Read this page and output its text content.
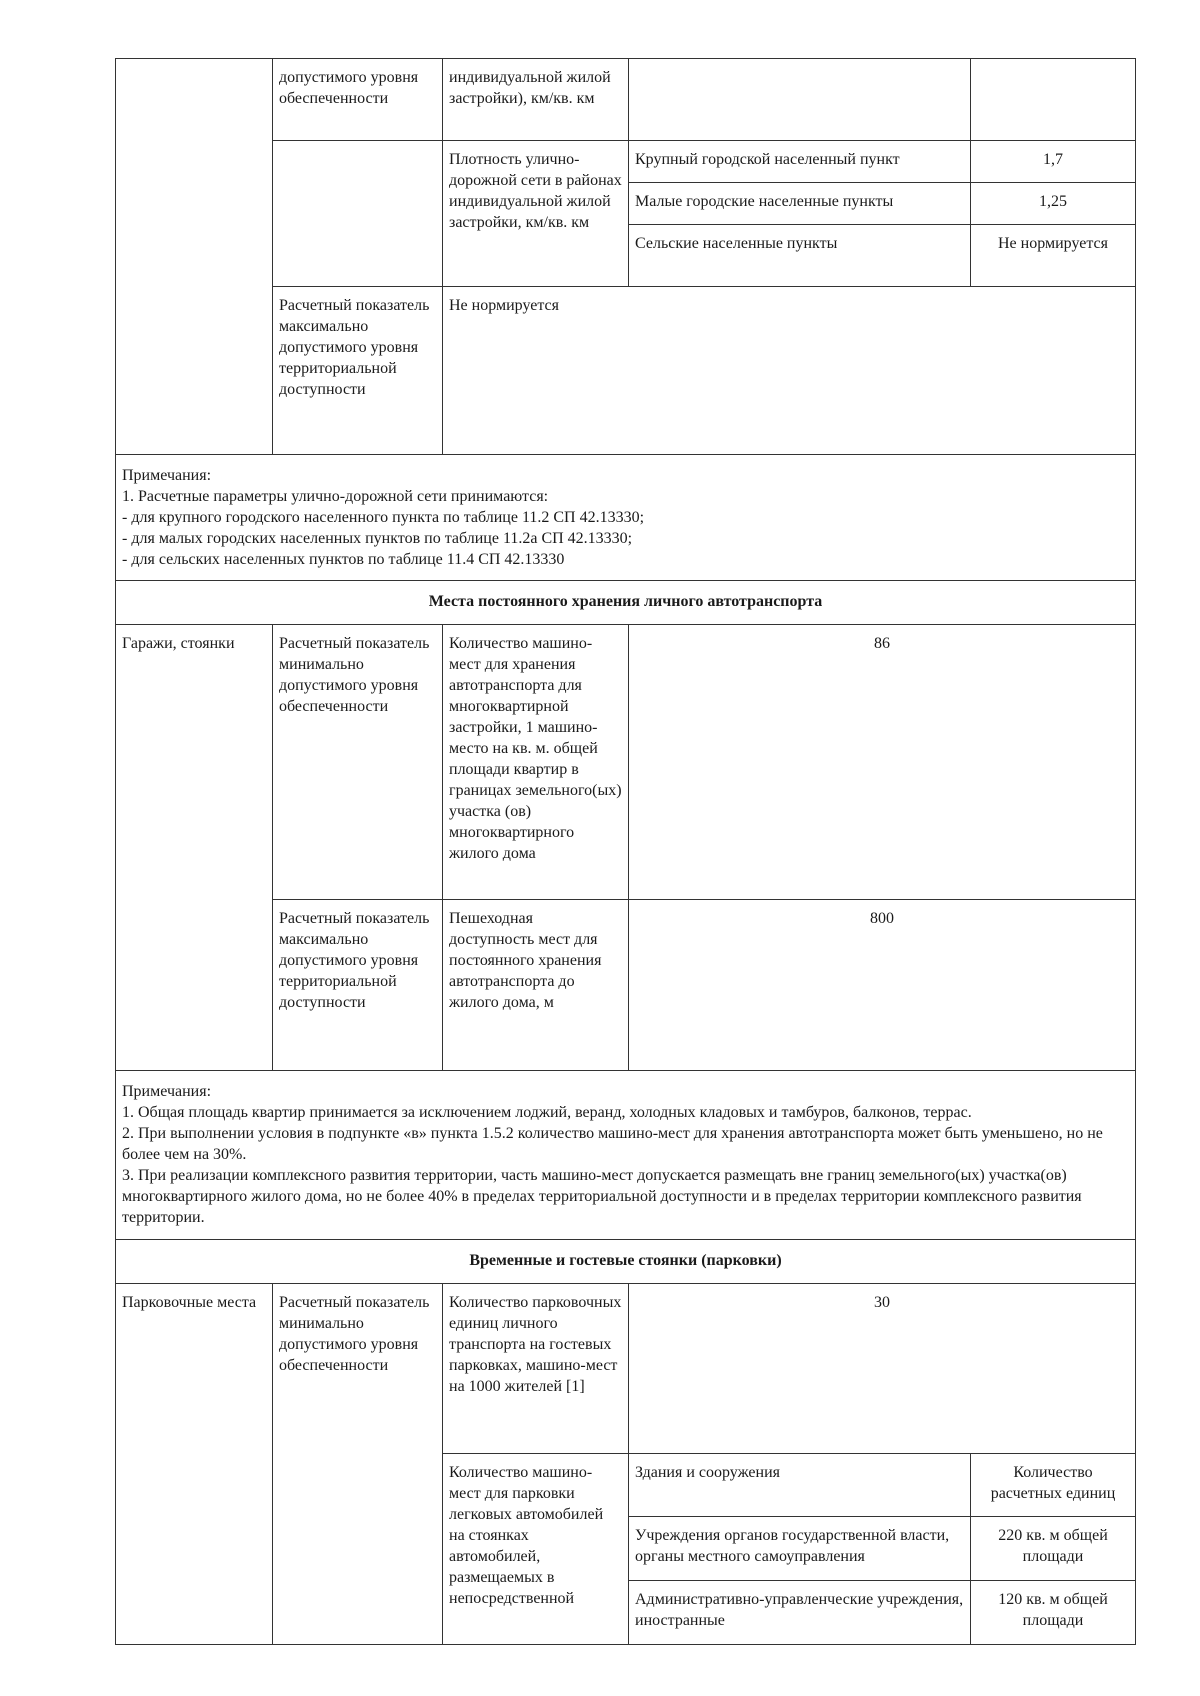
	допустимого уровня обеспеченности	индивидуальной жилой застройки), км/кв. км		
		Плотность улично-дорожной сети в районах индивидуальной жилой застройки, км/кв. км	Крупный городской населенный пункт	1,7
			Малые городские населенные пункты	1,25
			Сельские населенные пункты	Не нормируется
	Расчетный показатель максимально допустимого уровня территориальной доступности	Не нормируется		

Примечания:
1. Расчетные параметры улично-дорожной сети принимаются:
- для крупного городского населенного пункта по таблице 11.2 СП 42.13330;
- для малых городских населенных пунктов по таблице 11.2а СП 42.13330;
- для сельских населенных пунктов по таблице 11.4 СП 42.13330				

Места постоянного хранения личного автотранспорта				
Гаражи, стоянки	Расчетный показатель минимально допустимого уровня обеспеченности	Количество машино-мест для хранения автотранспорта для многоквартирной застройки, 1 машино-место на кв. м. общей площади квартир в границах земельного(ых) участка (ов) многоквартирного жилого дома	86	
	Расчетный показатель максимально допустимого уровня территориальной доступности	Пешеходная доступность мест для постоянного хранения автотранспорта до жилого дома, м	800	

Примечания:
1. Общая площадь квартир принимается за исключением лоджий, веранд, холодных кладовых и тамбуров, балконов, террас.
2. При выполнении условия в подпункте «в» пункта 1.5.2 количество машино-мест для хранения автотранспорта может быть уменьшено, но не более чем на 30%.
3. При реализации комплексного развития территории, часть машино-мест допускается размещать вне границ земельного(ых) участка(ов) многоквартирного жилого дома, но не более 40% в пределах территориальной доступности и в пределах территории комплексного развития территории.				

Временные и гостевые стоянки (парковки)				
Парковочные места	Расчетный показатель минимально допустимого уровня обеспеченности	Количество парковочных единиц личного транспорта на гостевых парковках, машино-мест на 1000 жителей [1]	30	
		Количество машино-мест для парковки легковых автомобилей на стоянках автомобилей, размещаемых в непосредственной	Здания и сооружения	Количество расчетных единиц
			Учреждения органов государственной власти, органы местного самоуправления	220 кв. м общей площади
			Административно-управленческие учреждения, иностранные	120 кв. м общей площади
